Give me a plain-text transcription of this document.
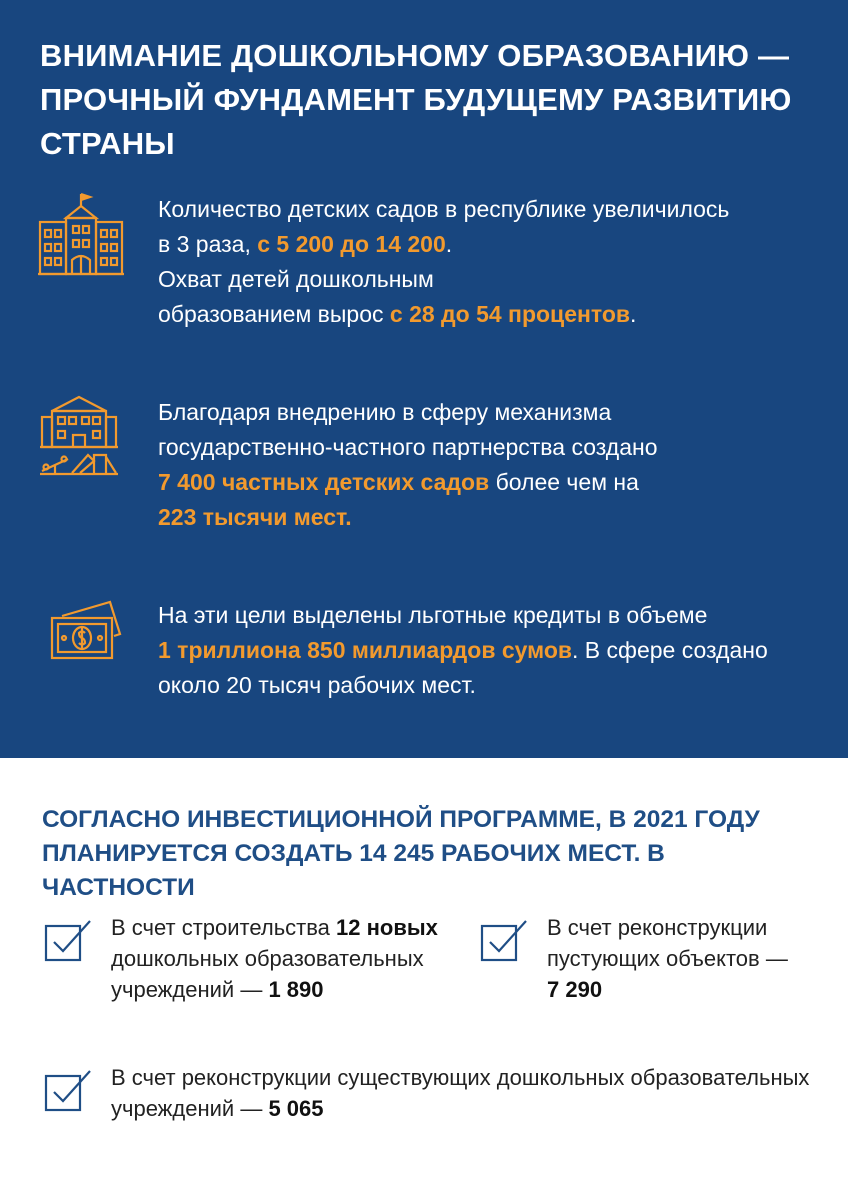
ВНИМАНИЕ ДОШКОЛЬНОМУ ОБРАЗОВАНИЮ — ПРОЧНЫЙ ФУНДАМЕНТ БУДУЩЕМУ РАЗВИТИЮ СТРАНЫ
Количество детских садов в республике увеличилось
в 3 раза, с 5 200 до 14 200.
Охват детей дошкольным
образованием вырос с 28 до 54 процентов.
Благодаря внедрению в сферу механизма
государственно-частного партнерства создано
7 400 частных детских садов более чем на
223 тысячи мест.
На эти цели выделены льготные кредиты в объеме
1 триллиона 850 миллиардов сумов. В сфере создано
около 20 тысяч рабочих мест.
СОГЛАСНО ИНВЕСТИЦИОННОЙ ПРОГРАММЕ, В 2021 ГОДУ ПЛАНИРУЕТСЯ СОЗДАТЬ 14 245 РАБОЧИХ МЕСТ. В ЧАСТНОСТИ
В счет строительства 12 новых
дошкольных образовательных
учреждений — 1 890
В счет реконструкции
пустующих объектов —
7 290
В счет реконструкции существующих дошкольных образовательных
учреждений — 5 065
